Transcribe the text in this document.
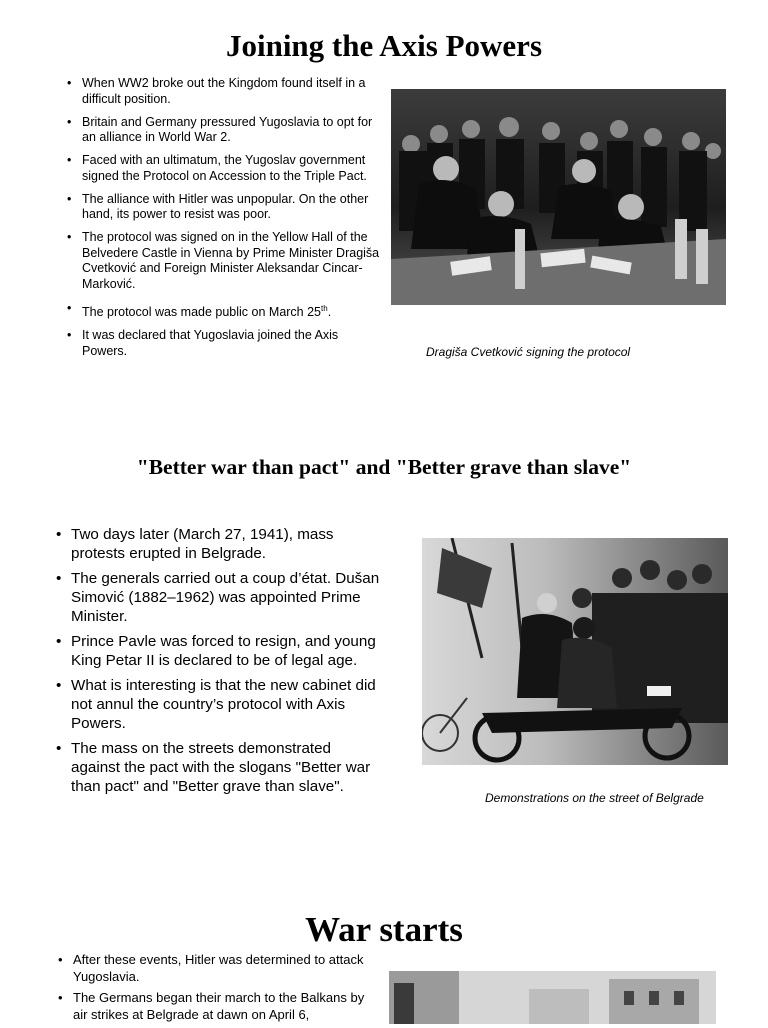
Joining the Axis Powers
• When WW2 broke out the Kingdom found itself in a difficult position.
• Britain and Germany pressured Yugoslavia to opt for an alliance in World War 2.
• Faced with an ultimatum, the Yugoslav government signed the Protocol on Accession to the Triple Pact.
• The alliance with Hitler was unpopular. On the other hand, its power to resist was poor.
• The protocol was signed on in the Yellow Hall of the Belvedere Castle in Vienna by Prime Minister Dragiša Cvetković and Foreign Minister Aleksandar Cincar-Marković.
• The protocol was made public on March 25th.
• It was declared that Yugoslavia joined the Axis Powers.	Dragiša Cvetković signing the protocol
"Better war than pact" and "Better grave than slave"
• Two days later (March 27, 1941), mass protests erupted in Belgrade.
• The generals carried out a coup d’état. Dušan Simović (1882–1962) was appointed Prime Minister.
• Prince Pavle was forced to resign, and young King Petar II is declared to be of legal age.
• What is interesting is that the new cabinet did not annul the country’s protocol with Axis Powers.
• The mass on the streets demonstrated against the pact with the slogans "Better war than pact" and "Better grave than slave".
Demonstrations on the street of Belgrade
War starts
• After these events, Hitler was determined to attack Yugoslavia.
• The Germans began their march to the Balkans by air strikes at Belgrade at dawn on April 6,
